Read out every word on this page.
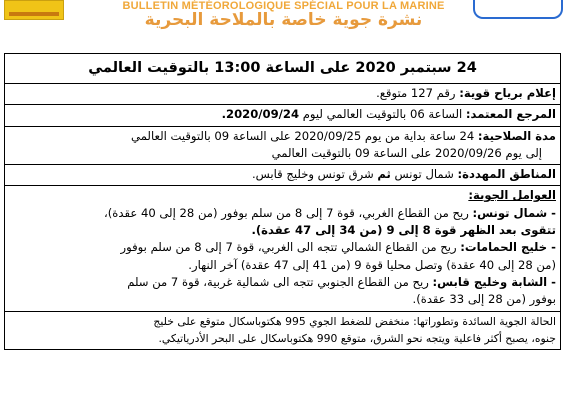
BULLETIN MÉTÉOROLOGIQUE SPÉCIAL POUR LA MARINE
نشرة جوية خاصة بالملاحة البحرية
24 سبتمبر 2020 على الساعة 13:00 بالتوقيت العالمي
إعلام برياح قوية: رقم 127 متوقع.
المرجع المعتمد: الساعة 06 بالتوقيت العالمي ليوم 2020/09/24.
مدة الصلاحية: 24 ساعة بداية من يوم 2020/09/25 على الساعة 09 بالتوقيت العالمي
إلى يوم 2020/09/26 على الساعة 09 بالتوقيت العالمي
المناطق المهددة: شمال تونس ثم شرق تونس وخليج قابس.
العوامل الجوية:
- شمال تونس: ريح من القطاع الغربي، قوة 7 إلى 8 من سلم بوفور (من 28 إلى 40 عقدة)،
تتقوى بعد الظهر قوة 8 إلى 9 (من 34 إلى 47 عقدة).
- خليج الحمامات: ريح من القطاع الشمالي تتجه الى الغربي، قوة 7 إلى 8 من سلم بوفور
(من 28 إلى 40 عقدة) وتصل محليا قوة 9 (من 41 إلى 47 عقدة) آخر النهار.
- الشابة وخليج قابس: ريح من القطاع الجنوبي تتجه الى شمالية غربية، قوة 7 من سلم
بوفور (من 28 إلى 33 عقدة).
الحالة الجوية السائدة وتطوراتها: منخفض للضغط الجوي 995 هكتوباسكال متوقع على خليج
جنوه، يصبح أكثر فاعلية ويتجه نحو الشرق، متوقع 990 هكتوباسكال على البحر الأدرياتيكي.
